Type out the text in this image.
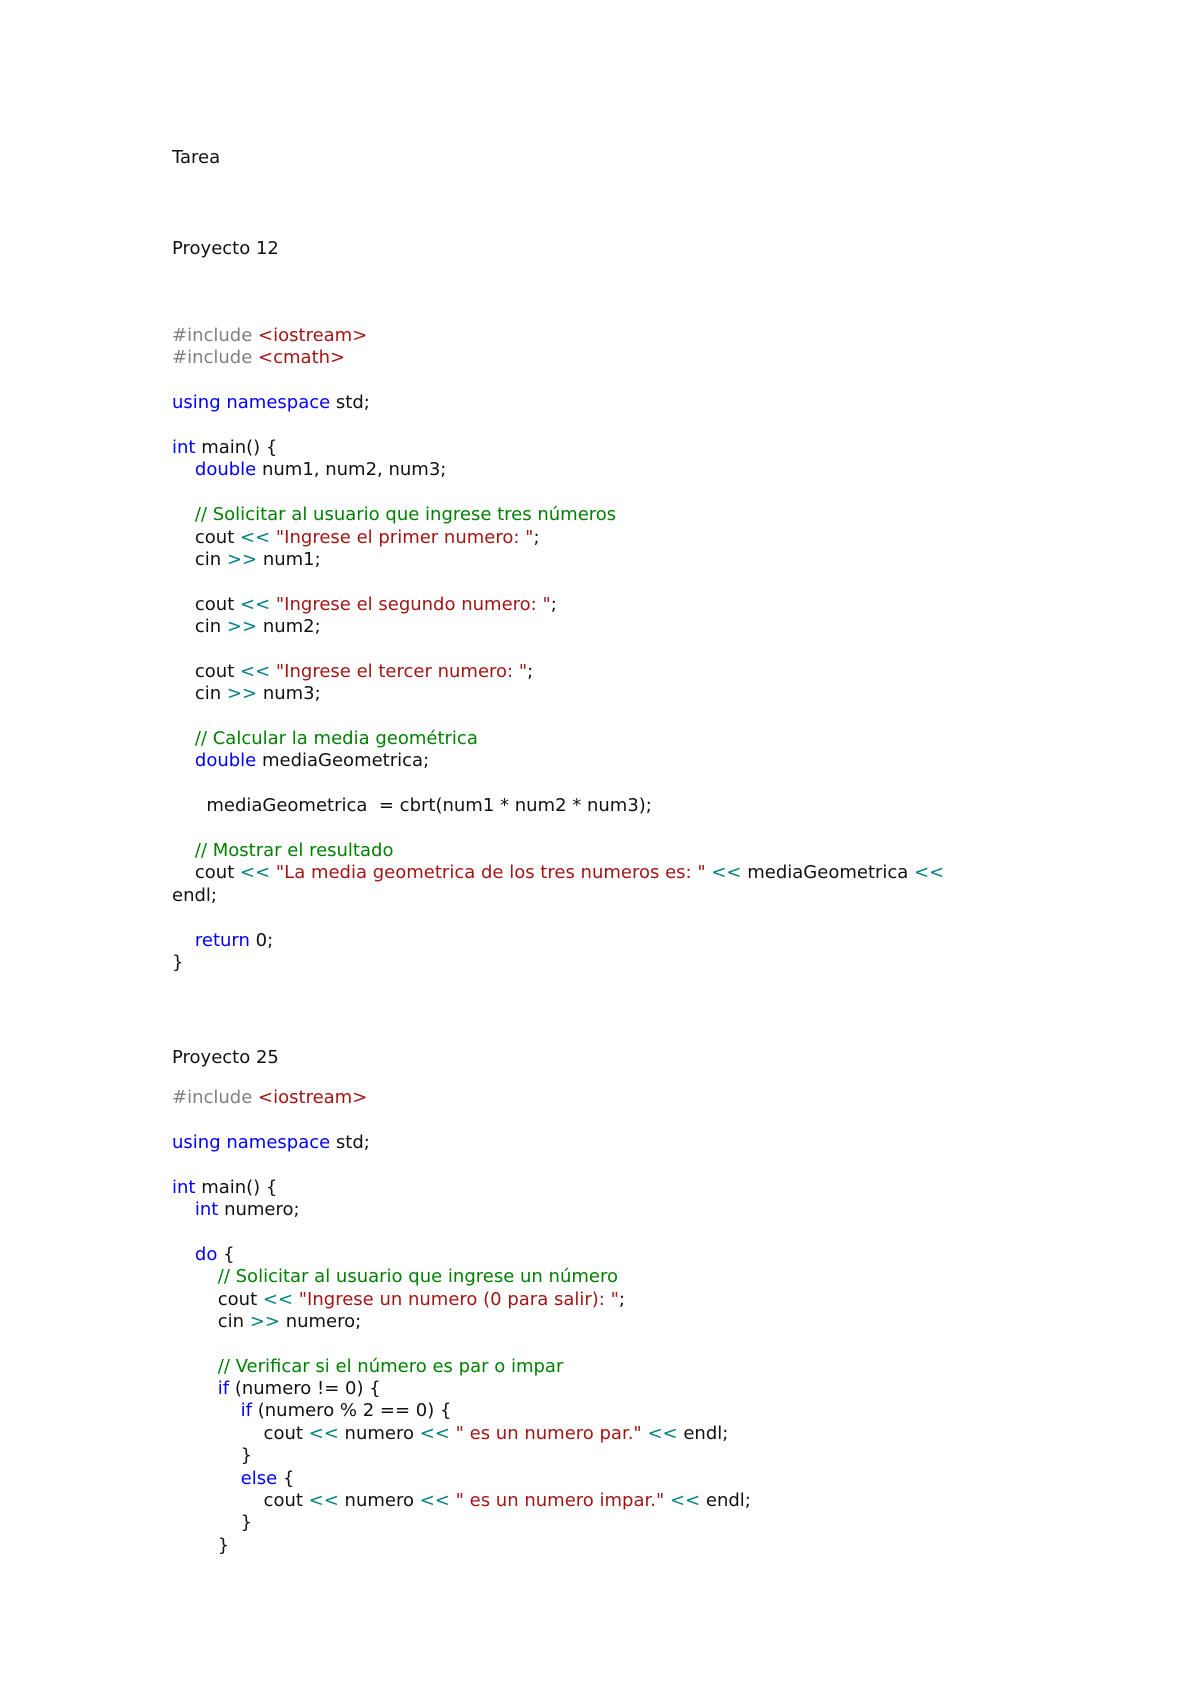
Tarea
Proyecto 12
#include <iostream>
#include <cmath>
using namespace std;
int main() {
double num1, num2, num3;
// Solicitar al usuario que ingrese tres números
cout << "Ingrese el primer numero: ";
cin >> num1;
cout << "Ingrese el segundo numero: ";
cin >> num2;
cout << "Ingrese el tercer numero: ";
cin >> num3;
// Calcular la media geométrica
double mediaGeometrica;
mediaGeometrica  = cbrt(num1 * num2 * num3);
// Mostrar el resultado
cout << "La media geometrica de los tres numeros es: " << mediaGeometrica <<
endl;
return 0;
}
Proyecto 25
#include <iostream>
using namespace std;
int main() {
int numero;
do {
// Solicitar al usuario que ingrese un número
cout << "Ingrese un numero (0 para salir): ";
cin >> numero;
// Verificar si el número es par o impar
if (numero != 0) {
if (numero % 2 == 0) {
cout << numero << " es un numero par." << endl;
}
else {
cout << numero << " es un numero impar." << endl;
}
}
